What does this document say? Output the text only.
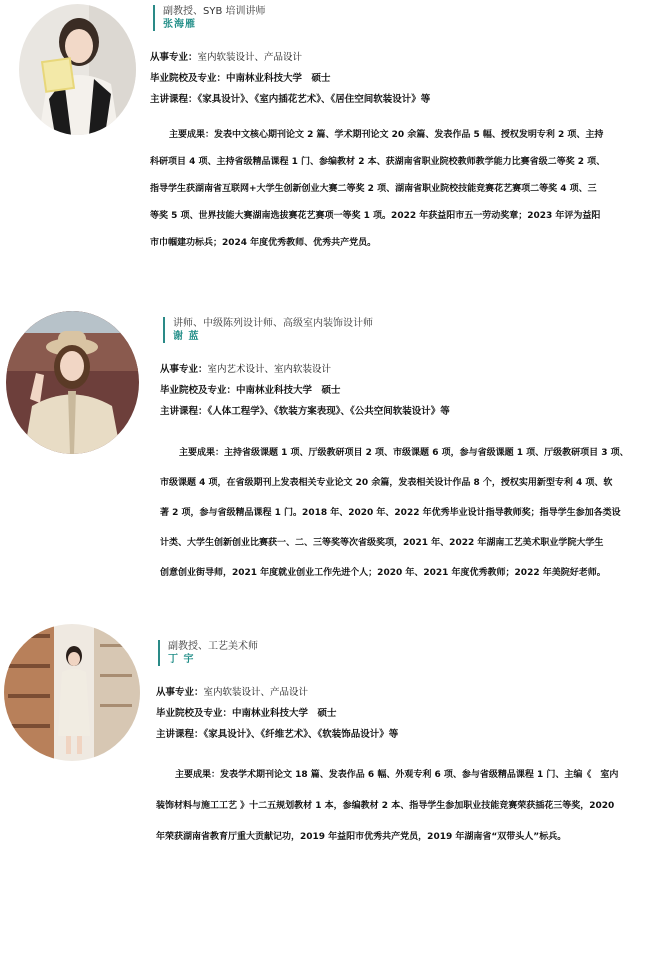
副教授、SYB 培训讲师
张海雁
从事专业：室内软装设计、产品设计
毕业院校及专业：中南林业科技大学　硕士
主讲课程：《家具设计》、《室内插花艺术》、《居住空间软装设计》等

主要成果：发表中文核心期刊论文 2 篇、学术期刊论文 20 余篇、发表作品 5 幅、授权发明专利 2 项、主持

科研项目 4 项、主持省级精品课程 1 门、参编教材 2 本、获湖南省职业院校教师教学能力比赛省级二等奖 2 项、

指导学生获湖南省互联网+大学生创新创业大赛二等奖 2 项、湖南省职业院校技能竞赛花艺赛项二等奖 4 项、三

等奖 5 项、世界技能大赛湖南选拔赛花艺赛项一等奖 1 项。2022 年获益阳市五一劳动奖章；2023 年评为益阳

市巾帼建功标兵；2024 年度优秀教师、优秀共产党员。

讲师、中级陈列设计师、高级室内装饰设计师
谢 蓝
从事专业：室内艺术设计、室内软装设计
毕业院校及专业：中南林业科技大学　硕士
主讲课程：《人体工程学》、《软装方案表现》、《公共空间软装设计》等

主要成果：主持省级课题 1 项、厅级教研项目 2 项、市级课题 6 项，参与省级课题 1 项、厅级教研项目 3 项、

市级课题 4 项，在省级期刊上发表相关专业论文 20 余篇，发表相关设计作品 8 个，授权实用新型专利 4 项、软

著 2 项，参与省级精品课程 1 门。2018 年、2020 年、2022 年优秀毕业设计指导教师奖；指导学生参加各类设

计类、大学生创新创业比赛获一、二、三等奖等次省级奖项，2021 年、2022 年湖南工艺美术职业学院大学生

创意创业街导师，2021 年度就业创业工作先进个人；2020 年、2021 年度优秀教师；2022 年美院好老师。

副教授、工艺美术师
丁 宇
从事专业：室内软装设计、产品设计
毕业院校及专业：中南林业科技大学　硕士
主讲课程：《家具设计》、《纤维艺术》、《软装饰品设计》等

主要成果：发表学术期刊论文 18 篇、发表作品 6 幅、外观专利 6 项、参与省级精品课程 1 门、主编《　室内

装饰材料与施工工艺 》十二五规划教材 1 本，参编教材 2 本、指导学生参加职业技能竞赛荣获插花三等奖，2020

年荣获湖南省教育厅重大贡献记功，2019 年益阳市优秀共产党员，2019 年湖南省“双带头人”标兵。
